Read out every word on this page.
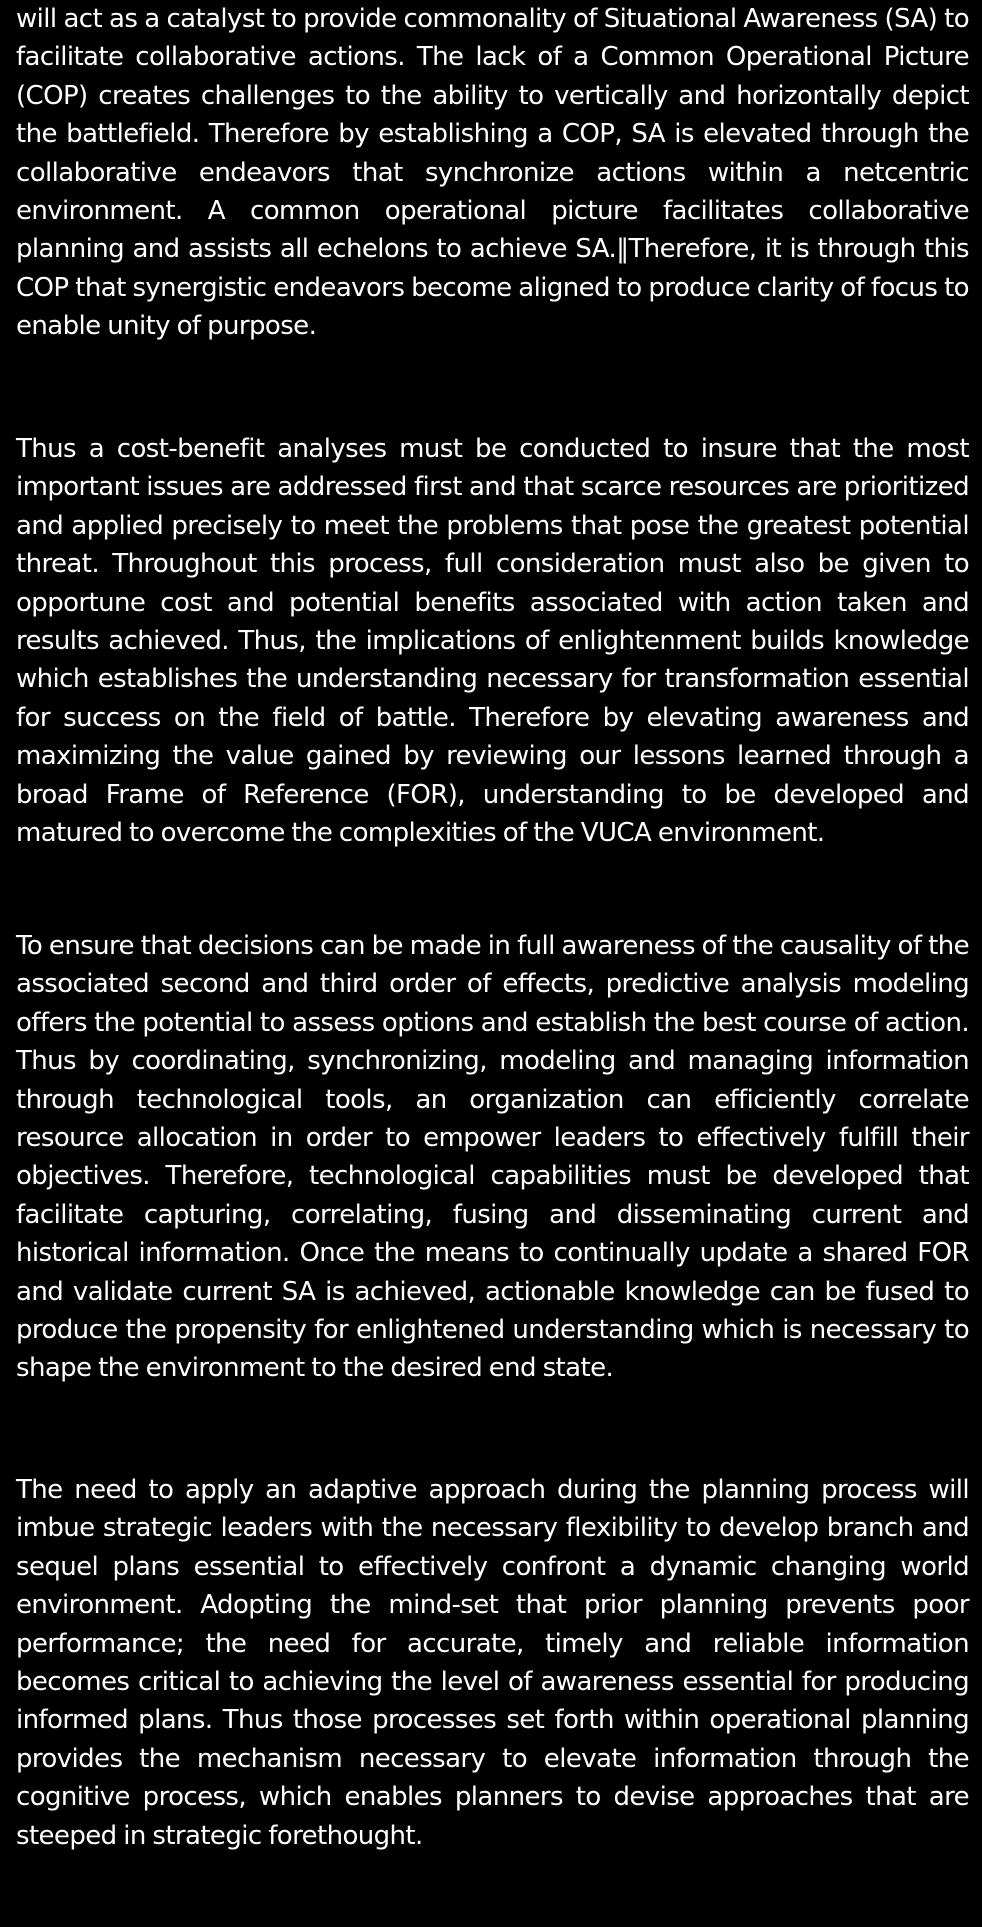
will act as a catalyst to provide commonality of Situational Awareness (SA) to facilitate collaborative actions. The lack of a Common Operational Picture (COP) creates challenges to the ability to vertically and horizontally depict the battlefield. Therefore by establishing a COP, SA is elevated through the collaborative endeavors that synchronize actions within a netcentric environment. A common operational picture facilitates collaborative planning and assists all echelons to achieve SA.‖Therefore, it is through this COP that synergistic endeavors become aligned to produce clarity of focus to enable unity of purpose.

Thus a cost-benefit analyses must be conducted to insure that the most important issues are addressed first and that scarce resources are prioritized and applied precisely to meet the problems that pose the greatest potential threat. Throughout this process, full consideration must also be given to opportune cost and potential benefits associated with action taken and results achieved. Thus, the implications of enlightenment builds knowledge which establishes the understanding necessary for transformation essential for success on the field of battle. Therefore by elevating awareness and maximizing the value gained by reviewing our lessons learned through a broad Frame of Reference (FOR), understanding to be developed and matured to overcome the complexities of the VUCA environment.

To ensure that decisions can be made in full awareness of the causality of the associated second and third order of effects, predictive analysis modeling offers the potential to assess options and establish the best course of action. Thus by coordinating, synchronizing, modeling and managing information through technological tools, an organization can efficiently correlate resource allocation in order to empower leaders to effectively fulfill their objectives. Therefore, technological capabilities must be developed that facilitate capturing, correlating, fusing and disseminating current and historical information. Once the means to continually update a shared FOR and validate current SA is achieved, actionable knowledge can be fused to produce the propensity for enlightened understanding which is necessary to shape the environment to the desired end state.

The need to apply an adaptive approach during the planning process will imbue strategic leaders with the necessary flexibility to develop branch and sequel plans essential to effectively confront a dynamic changing world environment. Adopting the mind-set that prior planning prevents poor performance; the need for accurate, timely and reliable information becomes critical to achieving the level of awareness essential for producing informed plans. Thus those processes set forth within operational planning provides the mechanism necessary to elevate information through the cognitive process, which enables planners to devise approaches that are steeped in strategic forethought.
